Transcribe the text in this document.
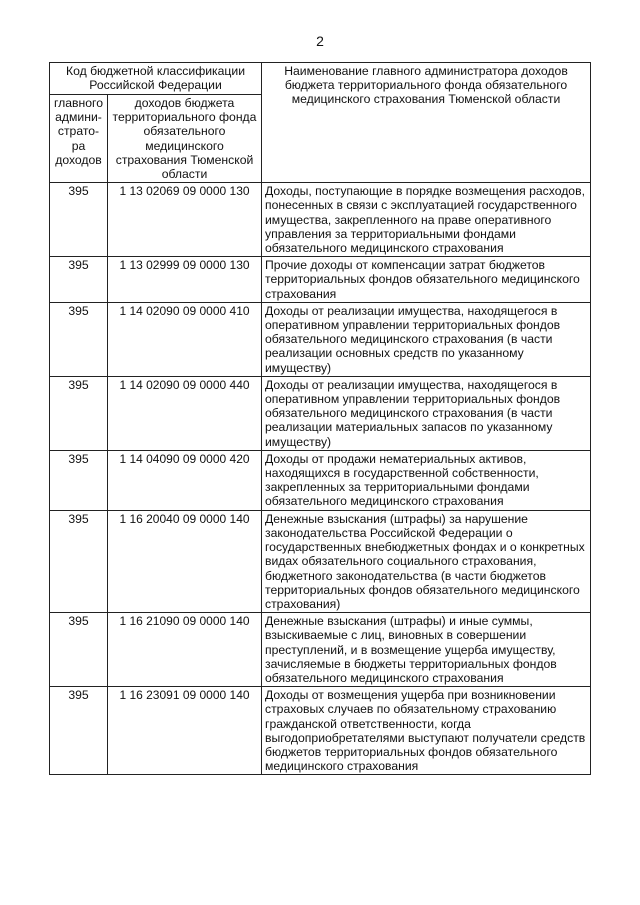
2
Код бюджетной классификации Российской Федерации		Наименование главного администратора доходов бюджета территориального фонда обязательного медицинского страхования Тюменской области
главного админи-страто-ра доходов	доходов бюджета территориального фонда обязательного медицинского страхования Тюменской области	
395	1 13 02069 09 0000 130	Доходы, поступающие в порядке возмещения расходов, понесенных в связи с эксплуатацией государственного имущества, закрепленного на праве оперативного управления за территориальными фондами обязательного медицинского страхования
395	1 13 02999 09 0000 130	Прочие доходы от компенсации затрат бюджетов территориальных фондов обязательного медицинского страхования
395	1 14 02090 09 0000 410	Доходы от реализации имущества, находящегося в оперативном управлении территориальных фондов обязательного медицинского страхования (в части реализации основных средств по указанному имуществу)
395	1 14 02090 09 0000 440	Доходы от реализации имущества, находящегося в оперативном управлении территориальных фондов обязательного медицинского страхования (в части реализации материальных запасов по указанному имуществу)
395	1 14 04090 09 0000 420	Доходы от продажи нематериальных активов, находящихся в государственной собственности, закрепленных за территориальными фондами обязательного медицинского страхования
395	1 16 20040 09 0000 140	Денежные взыскания (штрафы) за нарушение законодательства Российской Федерации о государственных внебюджетных фондах и о конкретных видах обязательного социального страхования, бюджетного законодательства (в части бюджетов территориальных фондов обязательного медицинского страхования)
395	1 16 21090 09 0000 140	Денежные взыскания (штрафы) и иные суммы, взыскиваемые с лиц, виновных в совершении преступлений, и в возмещение ущерба имуществу, зачисляемые в бюджеты территориальных фондов обязательного медицинского страхования
395	1 16 23091 09 0000 140	Доходы от возмещения ущерба при возникновении страховых случаев по обязательному страхованию гражданской ответственности, когда выгодоприобретателями выступают получатели средств бюджетов территориальных фондов обязательного медицинского страхования
